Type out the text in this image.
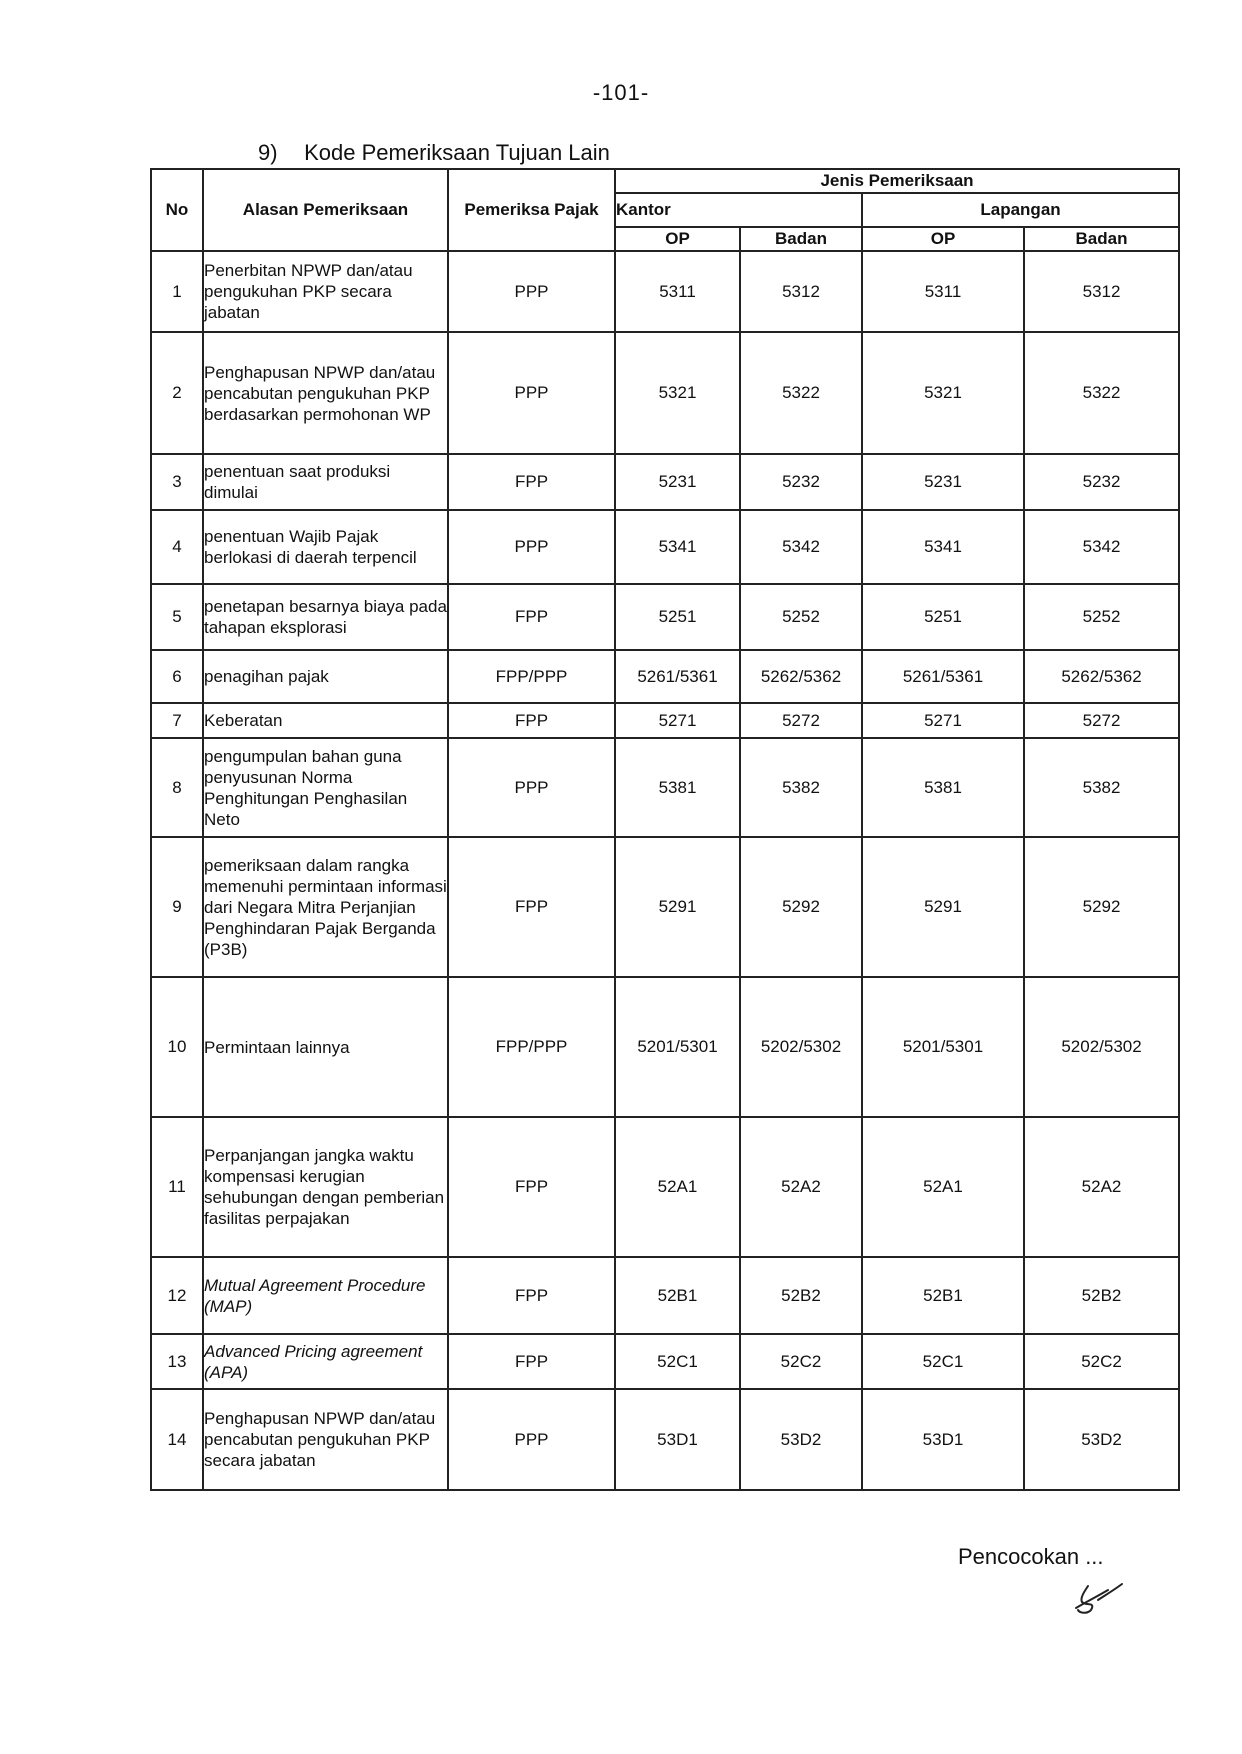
-101-
9) Kode Pemeriksaan Tujuan Lain
No	Alasan Pemeriksaan	Pemeriksa Pajak	Jenis Pemeriksaan			
			Kantor		Lapangan	
			OP	Badan	OP	Badan
1	Penerbitan NPWP dan/atau pengukuhan PKP secara jabatan	PPP	5311	5312	5311	5312
2	Penghapusan NPWP dan/atau pencabutan pengukuhan PKP berdasarkan permohonan WP	PPP	5321	5322	5321	5322
3	penentuan saat produksi dimulai	FPP	5231	5232	5231	5232
4	penentuan Wajib Pajak berlokasi di daerah terpencil	PPP	5341	5342	5341	5342
5	penetapan besarnya biaya pada tahapan eksplorasi	FPP	5251	5252	5251	5252
6	penagihan pajak	FPP/PPP	5261/5361	5262/5362	5261/5361	5262/5362
7	Keberatan	FPP	5271	5272	5271	5272
8	pengumpulan bahan guna penyusunan Norma Penghitungan Penghasilan Neto	PPP	5381	5382	5381	5382
9	pemeriksaan dalam rangka memenuhi permintaan informasi dari Negara Mitra Perjanjian Penghindaran Pajak Berganda (P3B)	FPP	5291	5292	5291	5292
10	Permintaan lainnya	FPP/PPP	5201/5301	5202/5302	5201/5301	5202/5302
11	Perpanjangan jangka waktu kompensasi kerugian sehubungan dengan pemberian fasilitas perpajakan	FPP	52A1	52A2	52A1	52A2
12	Mutual Agreement Procedure (MAP)	FPP	52B1	52B2	52B1	52B2
13	Advanced Pricing agreement (APA)	FPP	52C1	52C2	52C1	52C2
14	Penghapusan NPWP dan/atau pencabutan pengukuhan PKP secara jabatan	PPP	53D1	53D2	53D1	53D2
Pencocokan ...
